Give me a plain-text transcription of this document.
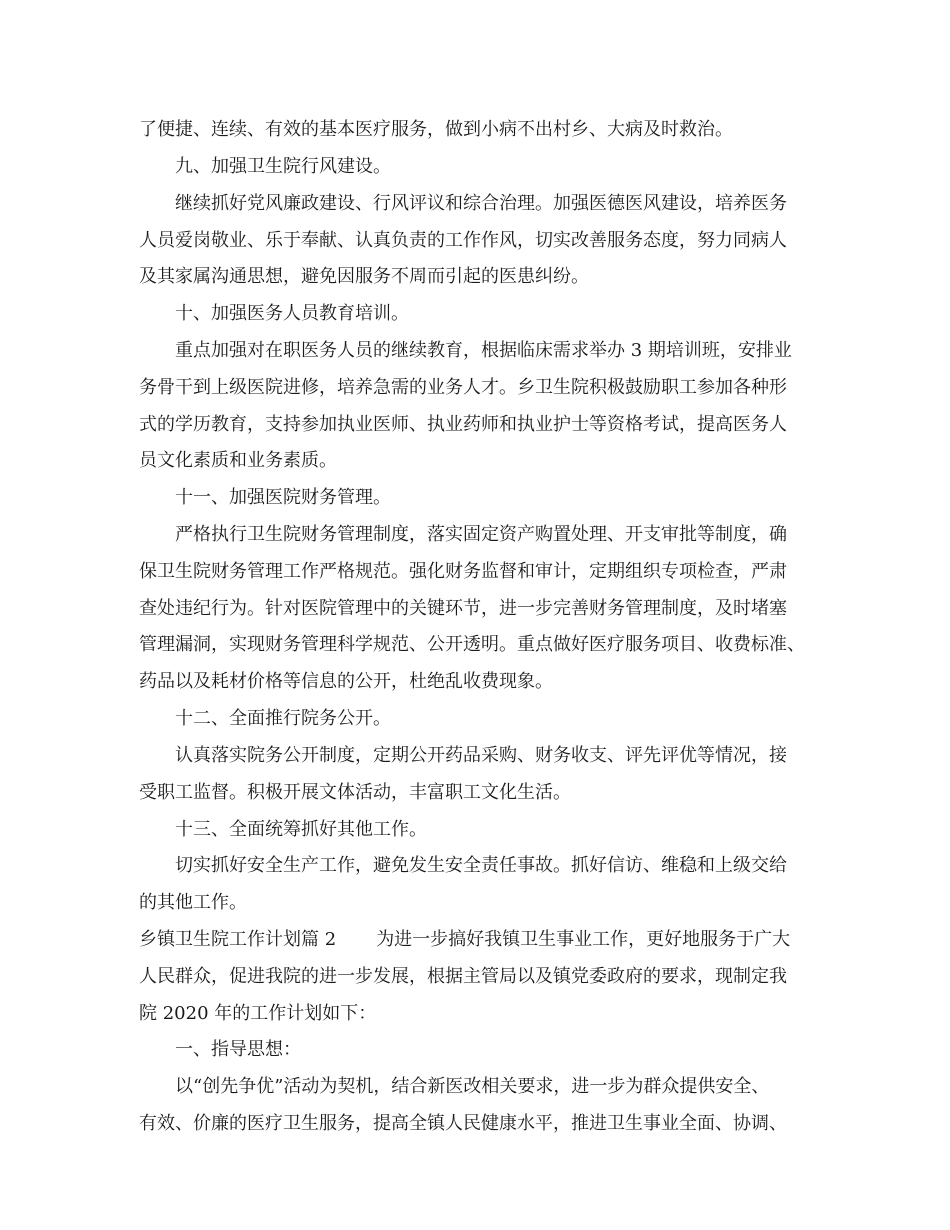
了便捷、连续、有效的基本医疗服务，做到小病不出村乡、大病及时救治。
九、加强卫生院行风建设。
继续抓好党风廉政建设、行风评议和综合治理。加强医德医风建设，培养医务
人员爱岗敬业、乐于奉献、认真负责的工作作风，切实改善服务态度，努力同病人
及其家属沟通思想，避免因服务不周而引起的医患纠纷。
十、加强医务人员教育培训。
重点加强对在职医务人员的继续教育，根据临床需求举办 3 期培训班，安排业
务骨干到上级医院进修，培养急需的业务人才。乡卫生院积极鼓励职工参加各种形
式的学历教育，支持参加执业医师、执业药师和执业护士等资格考试，提高医务人
员文化素质和业务素质。
十一、加强医院财务管理。
严格执行卫生院财务管理制度，落实固定资产购置处理、开支审批等制度，确
保卫生院财务管理工作严格规范。强化财务监督和审计，定期组织专项检查，严肃
查处违纪行为。针对医院管理中的关键环节，进一步完善财务管理制度，及时堵塞
管理漏洞，实现财务管理科学规范、公开透明。重点做好医疗服务项目、收费标准、
药品以及耗材价格等信息的公开，杜绝乱收费现象。
十二、全面推行院务公开。
认真落实院务公开制度，定期公开药品采购、财务收支、评先评优等情况，接
受职工监督。积极开展文体活动，丰富职工文化生活。
十三、全面统筹抓好其他工作。
切实抓好安全生产工作，避免发生安全责任事故。抓好信访、维稳和上级交给
的其他工作。
乡镇卫生院工作计划篇 2 为进一步搞好我镇卫生事业工作，更好地服务于广大
人民群众，促进我院的进一步发展，根据主管局以及镇党委政府的要求，现制定我
院 2020 年的工作计划如下：
一、指导思想：
以“创先争优”活动为契机，结合新医改相关要求，进一步为群众提供安全、
有效、价廉的医疗卫生服务，提高全镇人民健康水平，推进卫生事业全面、协调、
